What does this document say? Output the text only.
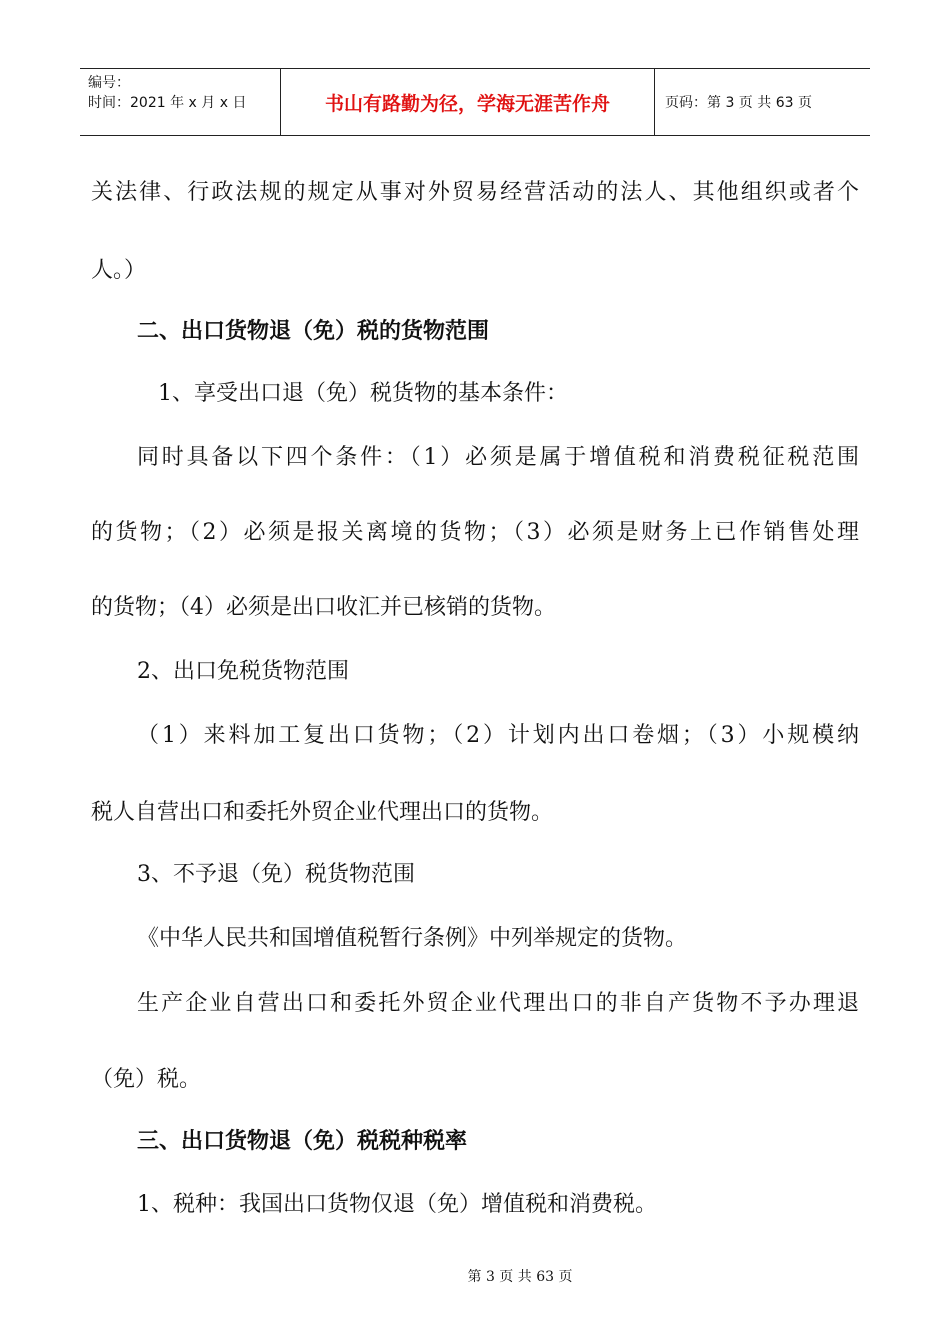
编号：
时间：2021 年 x 月 x 日	书山有路勤为径，学海无涯苦作舟	页码：第 3 页 共 63 页
关法律、行政法规的规定从事对外贸易经营活动的法人、其他组织或者个
人。）
二、出口货物退（免）税的货物范围
1、享受出口退（免）税货物的基本条件：
同时具备以下四个条件：（1）必须是属于增值税和消费税征税范围
的货物；（2）必须是报关离境的货物；（3）必须是财务上已作销售处理
的货物；（4）必须是出口收汇并已核销的货物。
2、出口免税货物范围
（1）来料加工复出口货物；（2）计划内出口卷烟；（3）小规模纳
税人自营出口和委托外贸企业代理出口的货物。
3、不予退（免）税货物范围
《中华人民共和国增值税暂行条例》中列举规定的货物。
生产企业自营出口和委托外贸企业代理出口的非自产货物不予办理退
（免）税。
三、出口货物退（免）税税种税率
1、税种：我国出口货物仅退（免）增值税和消费税。
第 3 页 共 63 页
